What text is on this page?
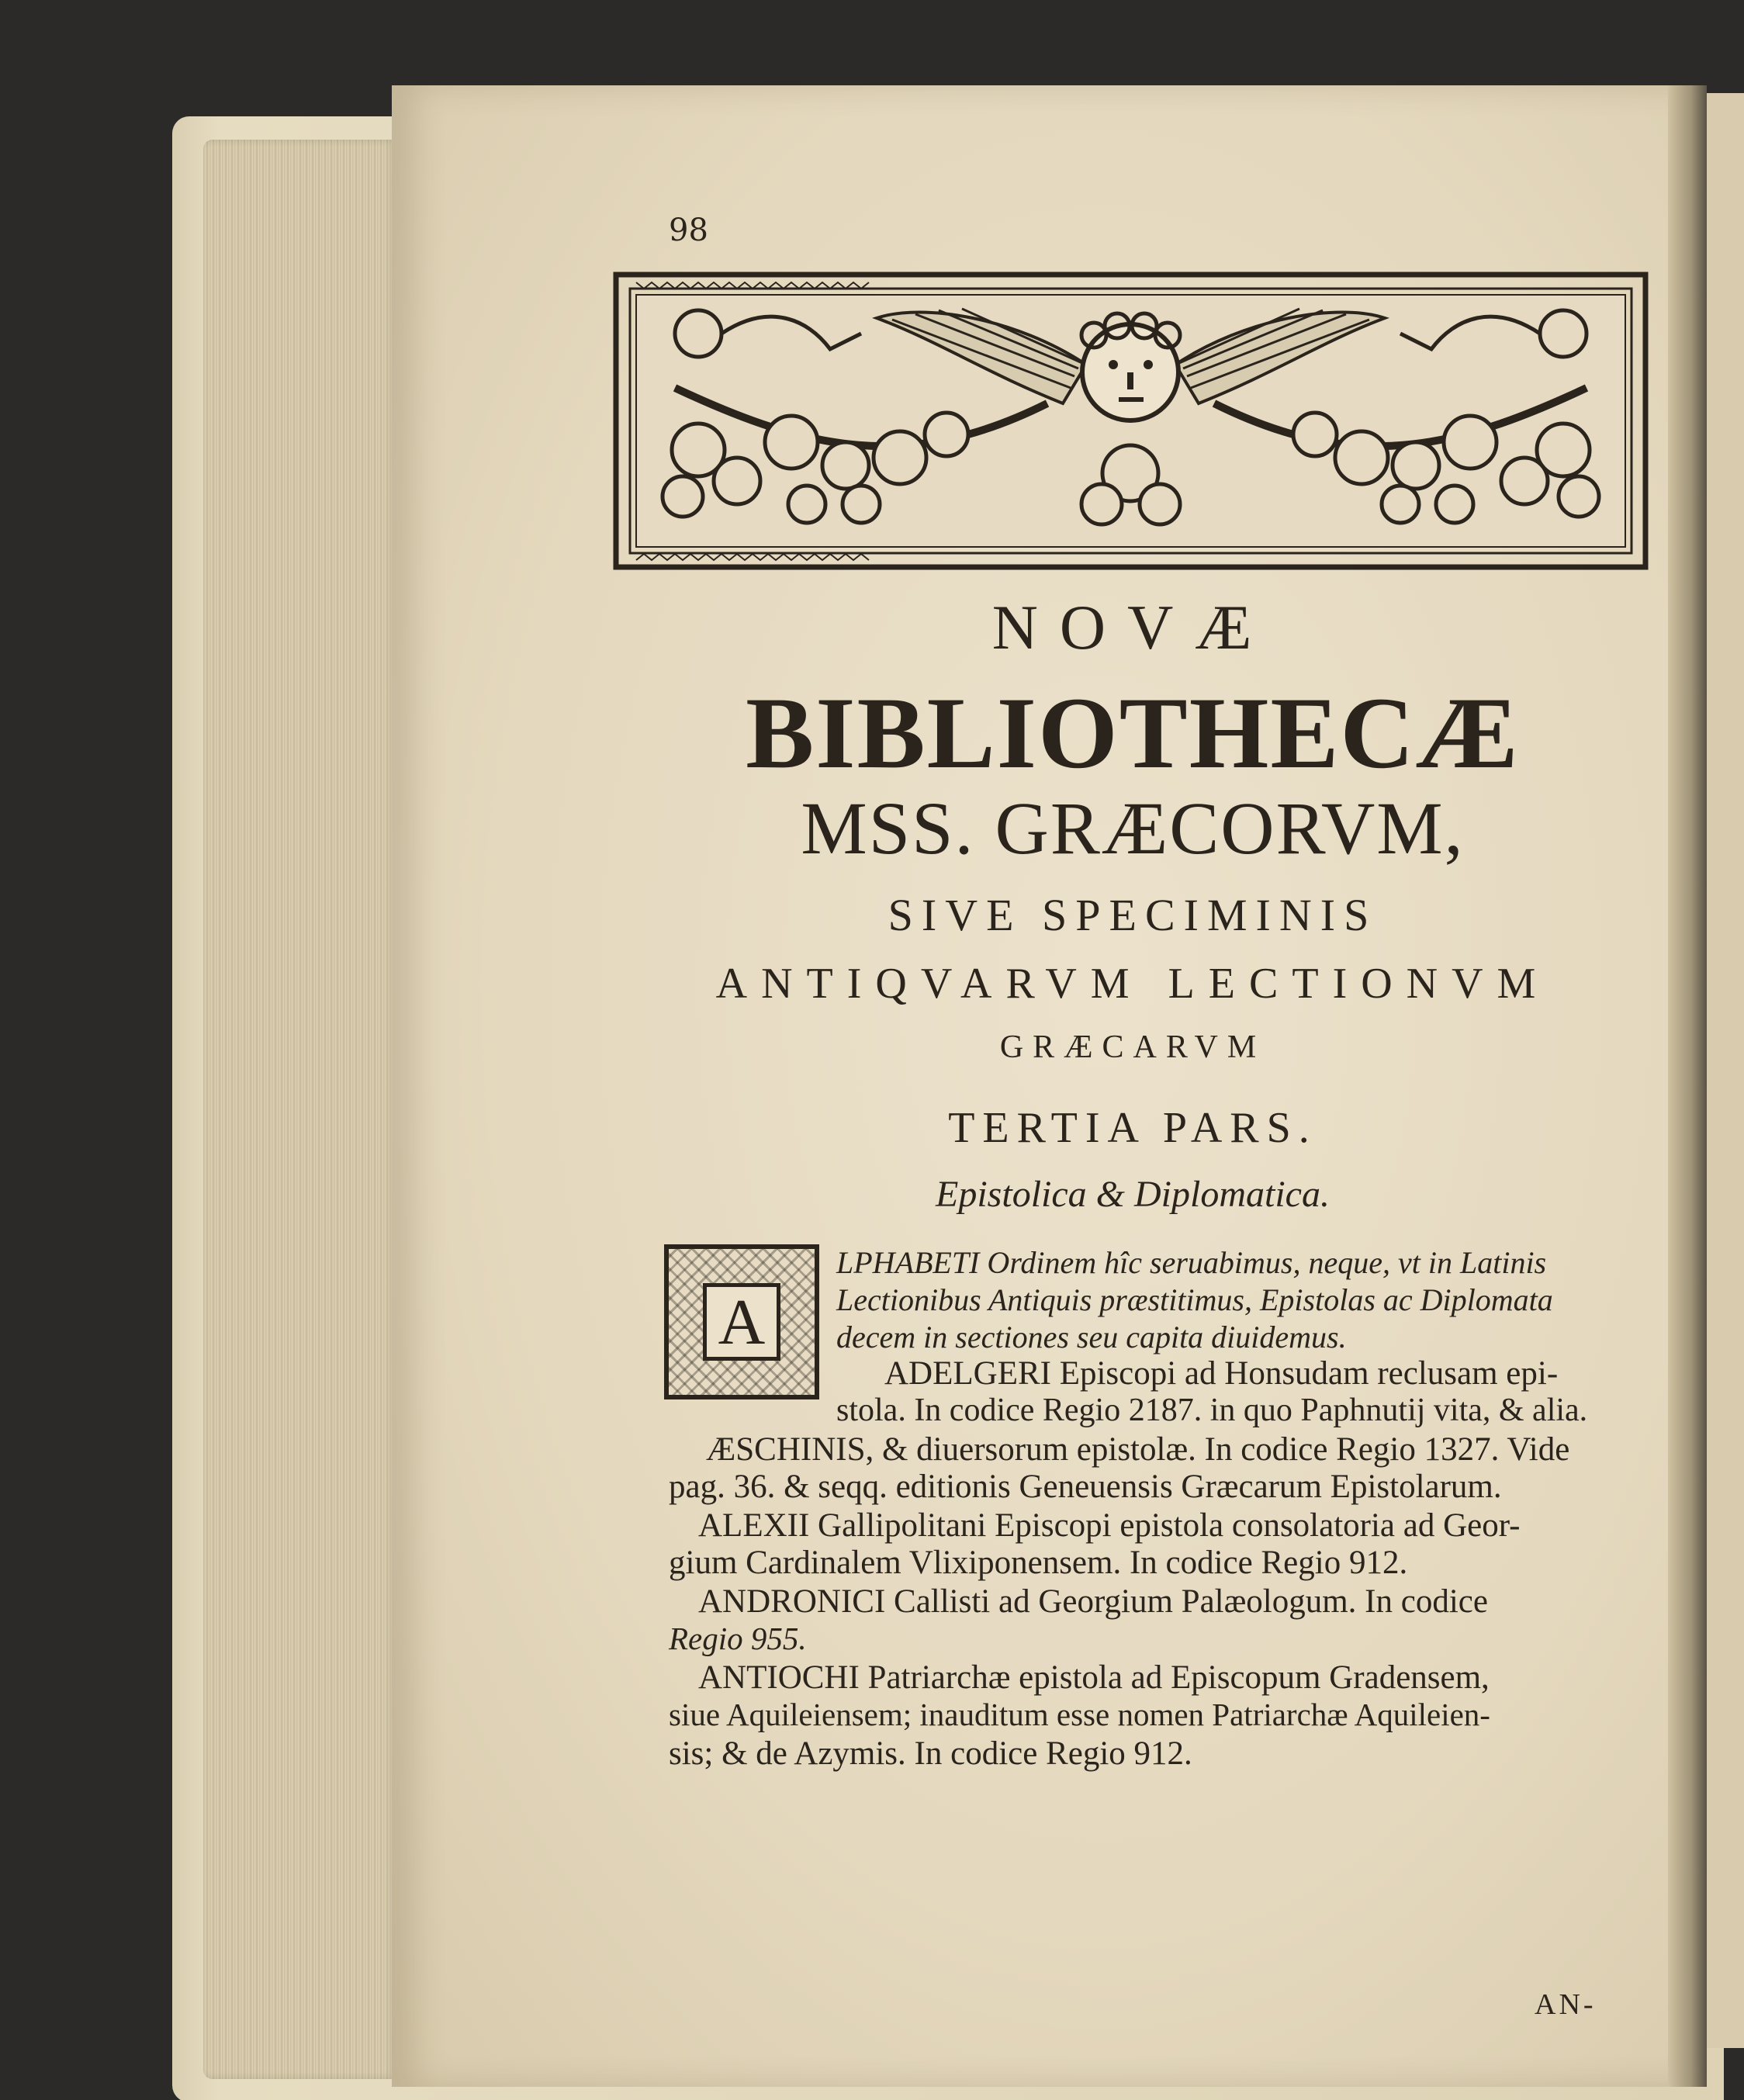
98
NOVÆ
BIBLIOTHECÆ
MSS. GRÆCORVM,
SIVE SPECIMINIS
ANTIQVARVM LECTIONVM
GRÆCARVM
TERTIA PARS.
Epistolica & Diplomatica.
A
LPHABETI Ordinem hîc seruabimus, neque, vt in Latinis
Lectionibus Antiquis præstitimus, Epistolas ac Diplomata
decem in sectiones seu capita diuidemus.
ADELGERI Episcopi ad Honsudam reclusam epi-
stola. In codice Regio 2187. in quo Paphnutij vita, & alia.
ÆSCHINIS, & diuersorum epistolæ. In codice Regio 1327. Vide
pag. 36. & seqq. editionis Geneuensis Græcarum Epistolarum.
ALEXII Gallipolitani Episcopi epistola consolatoria ad Geor-
gium Cardinalem Vlixiponensem. In codice Regio 912.
ANDRONICI Callisti ad Georgium Palæologum. In codice
Regio 955.
ANTIOCHI Patriarchæ epistola ad Episcopum Gradensem,
siue Aquileiensem; inauditum esse nomen Patriarchæ Aquileien-
sis; & de Azymis. In codice Regio 912.
AN-
